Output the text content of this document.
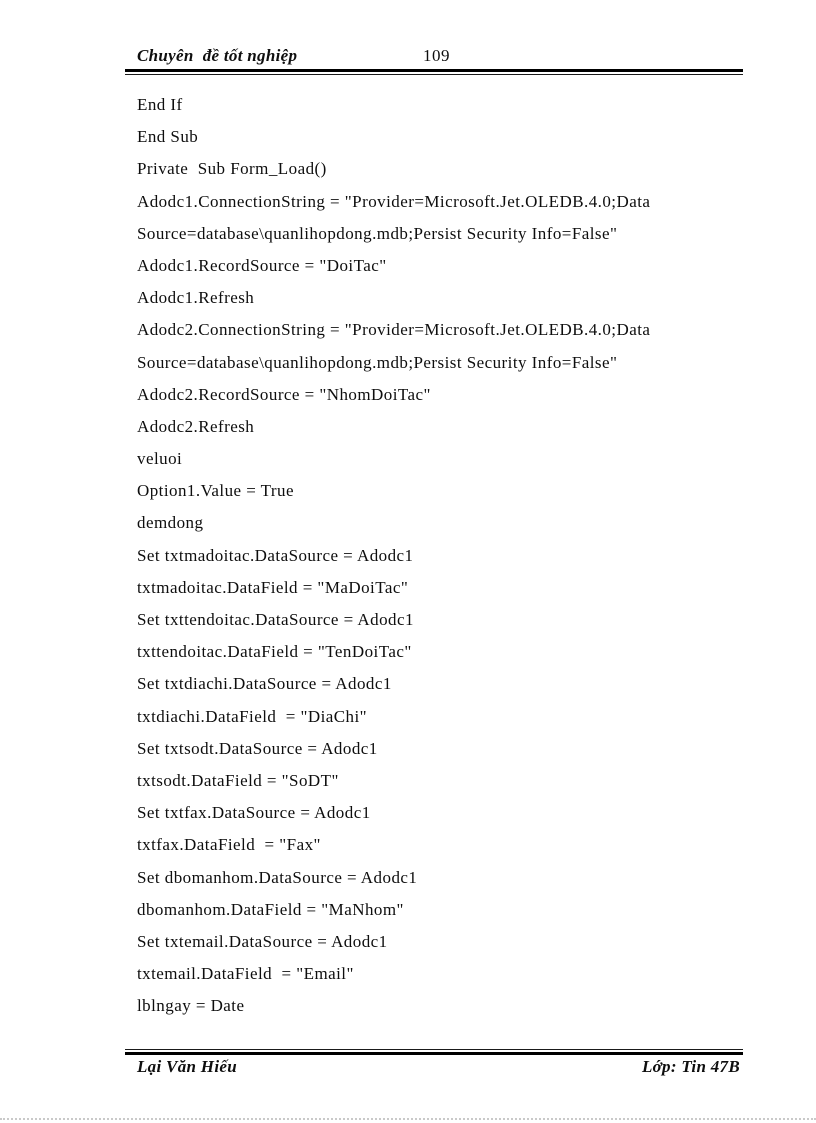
Chuyên  đề tốt nghiệp	109
End If
End Sub
Private  Sub Form_Load()
Adodc1.ConnectionString = "Provider=Microsoft.Jet.OLEDB.4.0;Data
Source=database\quanlihopdong.mdb;Persist Security Info=False"
Adodc1.RecordSource = "DoiTac"
Adodc1.Refresh
Adodc2.ConnectionString = "Provider=Microsoft.Jet.OLEDB.4.0;Data
Source=database\quanlihopdong.mdb;Persist Security Info=False"
Adodc2.RecordSource = "NhomDoiTac"
Adodc2.Refresh
veluoi
Option1.Value = True
demdong
Set txtmadoitac.DataSource = Adodc1
txtmadoitac.DataField = "MaDoiTac"
Set txttendoitac.DataSource = Adodc1
txttendoitac.DataField = "TenDoiTac"
Set txtdiachi.DataSource = Adodc1
txtdiachi.DataField  = "DiaChi"
Set txtsodt.DataSource = Adodc1
txtsodt.DataField = "SoDT"
Set txtfax.DataSource = Adodc1
txtfax.DataField  = "Fax"
Set dbomanhom.DataSource = Adodc1
dbomanhom.DataField = "MaNhom"
Set txtemail.DataSource = Adodc1
txtemail.DataField  = "Email"
lblngay = Date
Lại Văn Hiếu	Lớp: Tin 47B
